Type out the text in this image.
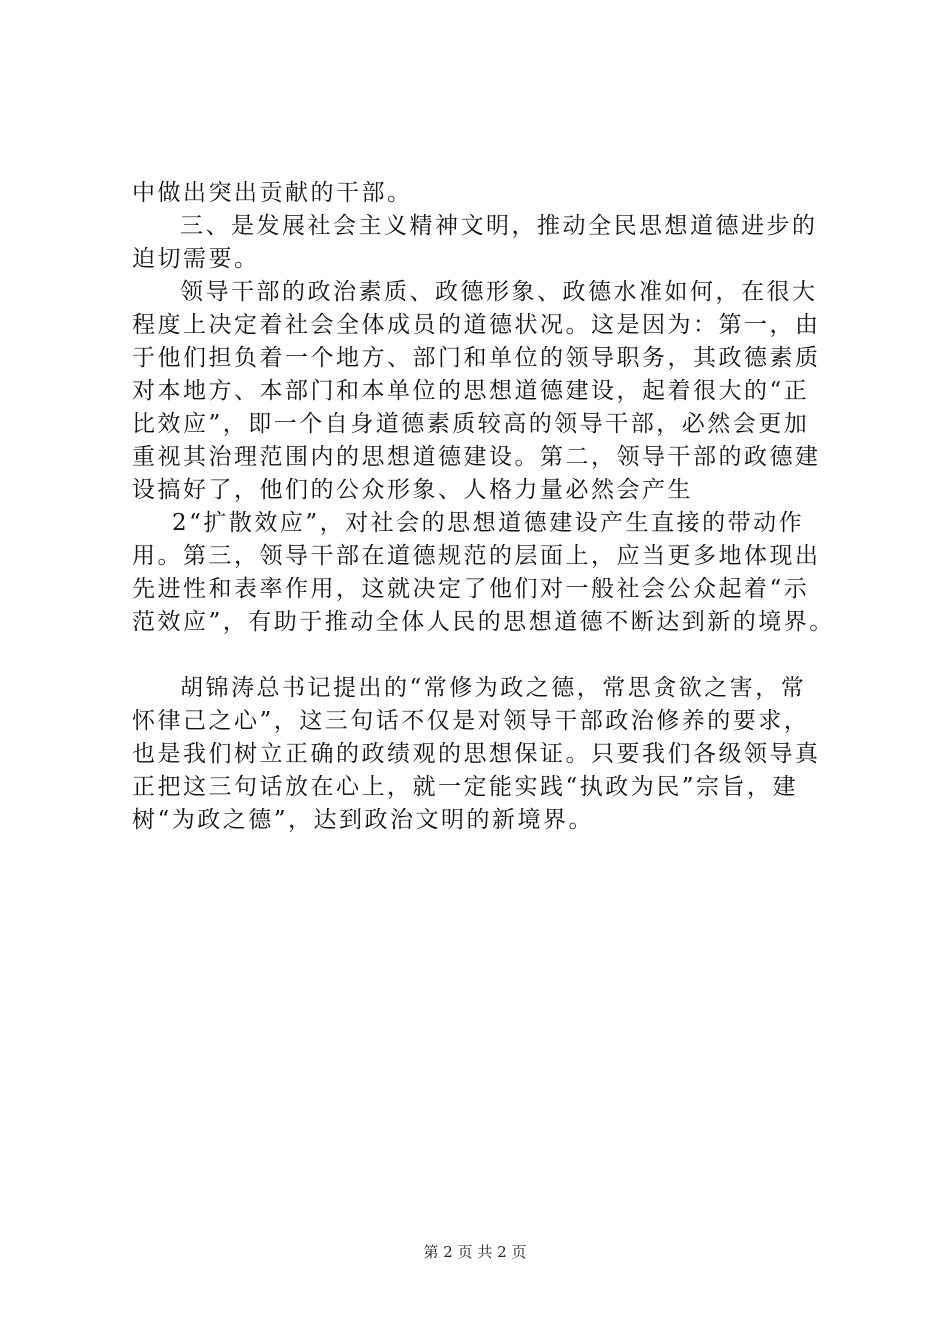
中做出突出贡献的干部。
三、是发展社会主义精神文明，推动全民思想道德进步的
迫切需要。
领导干部的政治素质、政德形象、政德水准如何，在很大
程度上决定着社会全体成员的道德状况。这是因为：第一，由
于他们担负着一个地方、部门和单位的领导职务，其政德素质
对本地方、本部门和本单位的思想道德建设，起着很大的“正
比效应”，即一个自身道德素质较高的领导干部，必然会更加
重视其治理范围内的思想道德建设。第二，领导干部的政德建
设搞好了，他们的公众形象、人格力量必然会产生
2“扩散效应”，对社会的思想道德建设产生直接的带动作
用。第三，领导干部在道德规范的层面上，应当更多地体现出
先进性和表率作用，这就决定了他们对一般社会公众起着“示
范效应”，有助于推动全体人民的思想道德不断达到新的境界。
胡锦涛总书记提出的“常修为政之德，常思贪欲之害，常
怀律己之心”，这三句话不仅是对领导干部政治修养的要求，
也是我们树立正确的政绩观的思想保证。只要我们各级领导真
正把这三句话放在心上，就一定能实践“执政为民”宗旨，建
树“为政之德”，达到政治文明的新境界。
第 2 页 共 2 页
